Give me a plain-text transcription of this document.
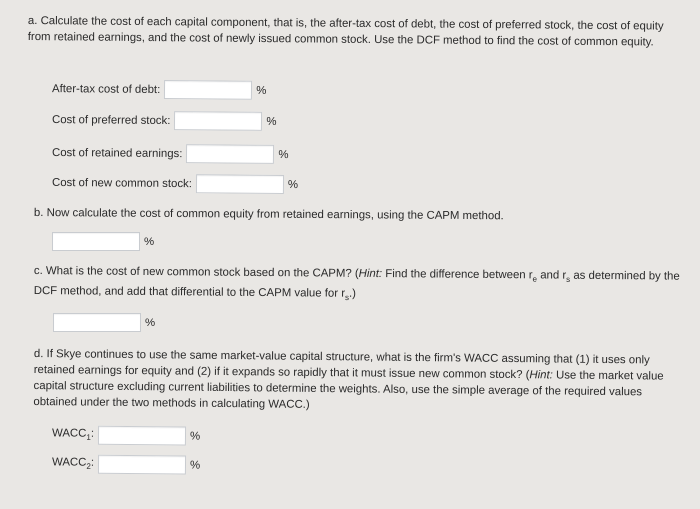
a. Calculate the cost of each capital component, that is, the after-tax cost of debt, the cost of preferred stock, the cost of equity from retained earnings, and the cost of newly issued common stock. Use the DCF method to find the cost of common equity.
After-tax cost of debt:	%
Cost of preferred stock:	%
Cost of retained earnings:	%
Cost of new common stock:	%
b. Now calculate the cost of common equity from retained earnings, using the CAPM method.
%
c. What is the cost of new common stock based on the CAPM? (Hint: Find the difference between $r_e$ and $r_s$ as determined by the DCF method, and add that differential to the CAPM value for $r_s$.)
%
d. If Skye continues to use the same market-value capital structure, what is the firm's WACC assuming that (1) it uses only retained earnings for equity and (2) if it expands so rapidly that it must issue new common stock? (Hint: Use the market value capital structure excluding current liabilities to determine the weights. Also, use the simple average of the required values obtained under the two methods in calculating WACC.)
$WACC_1$:	%
$WACC_2$:	%
